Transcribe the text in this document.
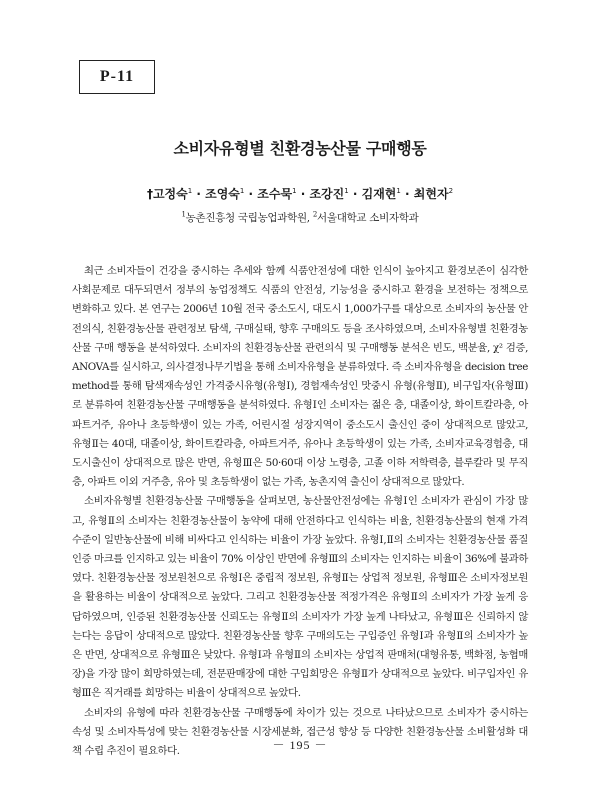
P-11
소비자유형별 친환경농산물 구매행동
†고정숙$^1$ · 조영숙$^1$ · 조수묵$^1$ · 조강진$^1$ · 김재현$^1$ · 최현자$^2$
$^1$농촌진흥청 국립농업과학원, $^2$서울대학교 소비자학과

최근 소비자들이 건강을 중시하는 추세와 함께 식품안전성에 대한 인식이 높아지고 환경보존이 심각한 사회문제로 대두되면서 정부의 농업정책도 식품의 안전성, 기능성을 중시하고 환경을 보전하는 정책으로 변화하고 있다. 본 연구는 2006년 10월 전국 중소도시, 대도시 1,000가구를 대상으로 소비자의 농산물 안전의식, 친환경농산물 관련정보 탐색, 구매실태, 향후 구매의도 등을 조사하였으며, 소비자유형별 친환경농산물 구매 행동을 분석하였다. 소비자의 친환경농산물 관련의식 및 구매행동 분석은 빈도, 백분율, χ² 검증, ANOVA를 실시하고, 의사결정나무기법을 통해 소비자유형을 분류하였다. 즉 소비자유형을 decision tree method를 통해 탐색재속성인 가격중시유형(유형Ⅰ), 경험재속성인 맛중시 유형(유형Ⅱ), 비구입자(유형Ⅲ)로 분류하여 친환경농산물 구매행동을 분석하였다. 유형Ⅰ인 소비자는 젊은 층, 대졸이상, 화이트칼라층, 아파트거주, 유아나 초등학생이 있는 가족, 어린시절 성장지역이 중소도시 출신인 중이 상대적으로 많았고, 유형Ⅱ는 40대, 대졸이상, 화이트칼라층, 아파트거주, 유아나 초등학생이 있는 가족, 소비자교육경험층, 대도시출신이 상대적으로 많은 반면, 유형Ⅲ은 50·60대 이상 노령층, 고졸 이하 저학력층, 블루칼라 및 무직층, 아파트 이외 거주층, 유아 및 초등학생이 없는 가족, 농촌지역 출신이 상대적으로 많았다.

소비자유형별 친환경농산물 구매행동을 살펴보면, 농산물안전성에는 유형Ⅰ인 소비자가 관심이 가장 많고, 유형Ⅱ의 소비자는 친환경농산물이 농약에 대해 안전하다고 인식하는 비율, 친환경농산물의 현재 가격수준이 일반농산물에 비해 비싸다고 인식하는 비율이 가장 높았다. 유형Ⅰ,Ⅱ의 소비자는 친환경농산물 품질인증 마크를 인지하고 있는 비율이 70% 이상인 반면에 유형Ⅲ의 소비자는 인지하는 비율이 36%에 불과하였다. 친환경농산물 정보원천으로 유형Ⅰ은 중립적 정보원, 유형Ⅱ는 상업적 정보원, 유형Ⅲ은 소비자정보원을 활용하는 비율이 상대적으로 높았다. 그리고 친환경농산물 적정가격은 유형Ⅱ의 소비자가 가장 높게 응답하였으며, 인증된 친환경농산물 신뢰도는 유형Ⅱ의 소비자가 가장 높게 나타났고, 유형Ⅲ은 신뢰하지 않는다는 응답이 상대적으로 많았다. 친환경농산물 향후 구매의도는 구입증인 유형Ⅰ과 유형Ⅱ의 소비자가 높은 반면, 상대적으로 유형Ⅲ은 낮았다. 유형Ⅰ과 유형Ⅱ의 소비자는 상업적 판매처(대형유통, 백화점, 농협매장)을 가장 많이 희망하였는데, 전문판매장에 대한 구입희망은 유형Ⅱ가 상대적으로 높았다. 비구입자인 유형Ⅲ은 직거래를 희망하는 비율이 상대적으로 높았다.

소비자의 유형에 따라 친환경농산물 구매행동에 차이가 있는 것으로 나타났으므로 소비자가 중시하는 속성 및 소비자특성에 맞는 친환경농산물 시장세분화, 접근성 향상 등 다양한 친환경농산물 소비활성화 대책 수립 추진이 필요하다.	－ 195 －
